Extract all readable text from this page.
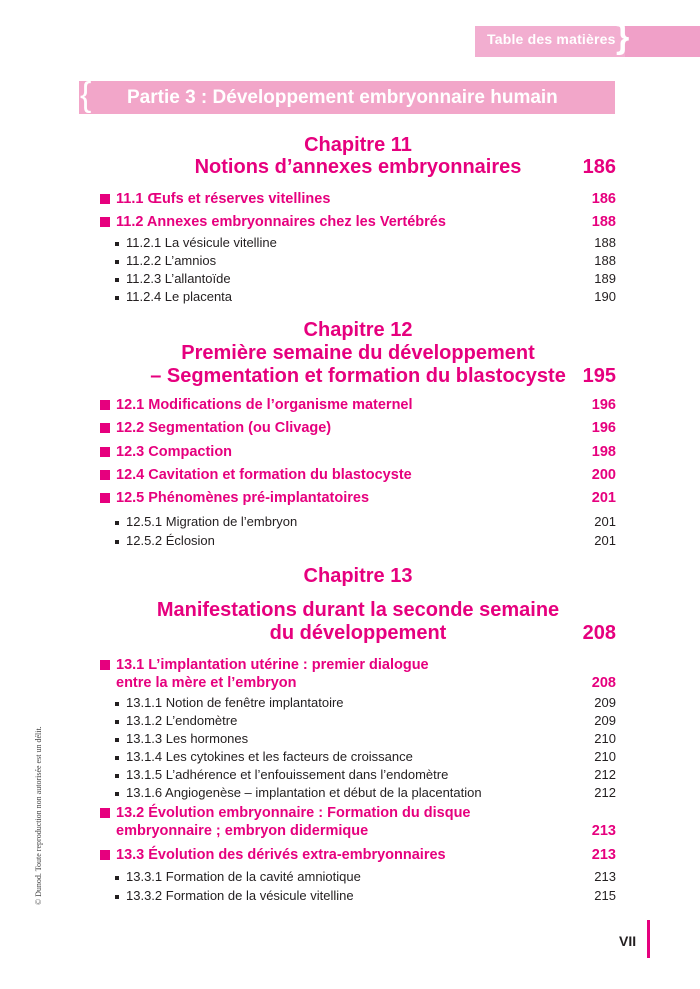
Table des matières }
{ Partie 3 : Développement embryonnaire humain
Chapitre 11
Notions d’annexes embryonnaires	186
11.1 Œufs et réserves vitellines	186
11.2 Annexes embryonnaires chez les Vertébrés	188
11.2.1 La vésicule vitelline	188
11.2.2 L’amnios	188
11.2.3 L’allantoïde	189
11.2.4 Le placenta	190
Chapitre 12
Première semaine du développement
– Segmentation et formation du blastocyste 195
12.1 Modifications de l’organisme maternel	196
12.2 Segmentation (ou Clivage)	196
12.3 Compaction	198
12.4 Cavitation et formation du blastocyste	200
12.5 Phénomènes pré-implantatoires	201
12.5.1 Migration de l’embryon	201
12.5.2 Éclosion	201
Chapitre 13
Manifestations durant la seconde semaine
du développement	208
13.1 L’implantation utérine : premier dialogue
entre la mère et l’embryon	208
13.1.1 Notion de fenêtre implantatoire	209
13.1.2 L’endomètre	209
13.1.3 Les hormones	210
13.1.4 Les cytokines et les facteurs de croissance	210
13.1.5 L’adhérence et l’enfouissement dans l’endomètre	212
13.1.6 Angiogenèse – implantation et début de la placentation	212
13.2 Évolution embryonnaire : Formation du disque
embryonnaire ; embryon didermique	213
13.3 Évolution des dérivés extra-embryonnaires	213
13.3.1 Formation de la cavité amniotique	213
13.3.2 Formation de la vésicule vitelline	215
VII
© Dunod. Toute reproduction non autorisée est un délit.
